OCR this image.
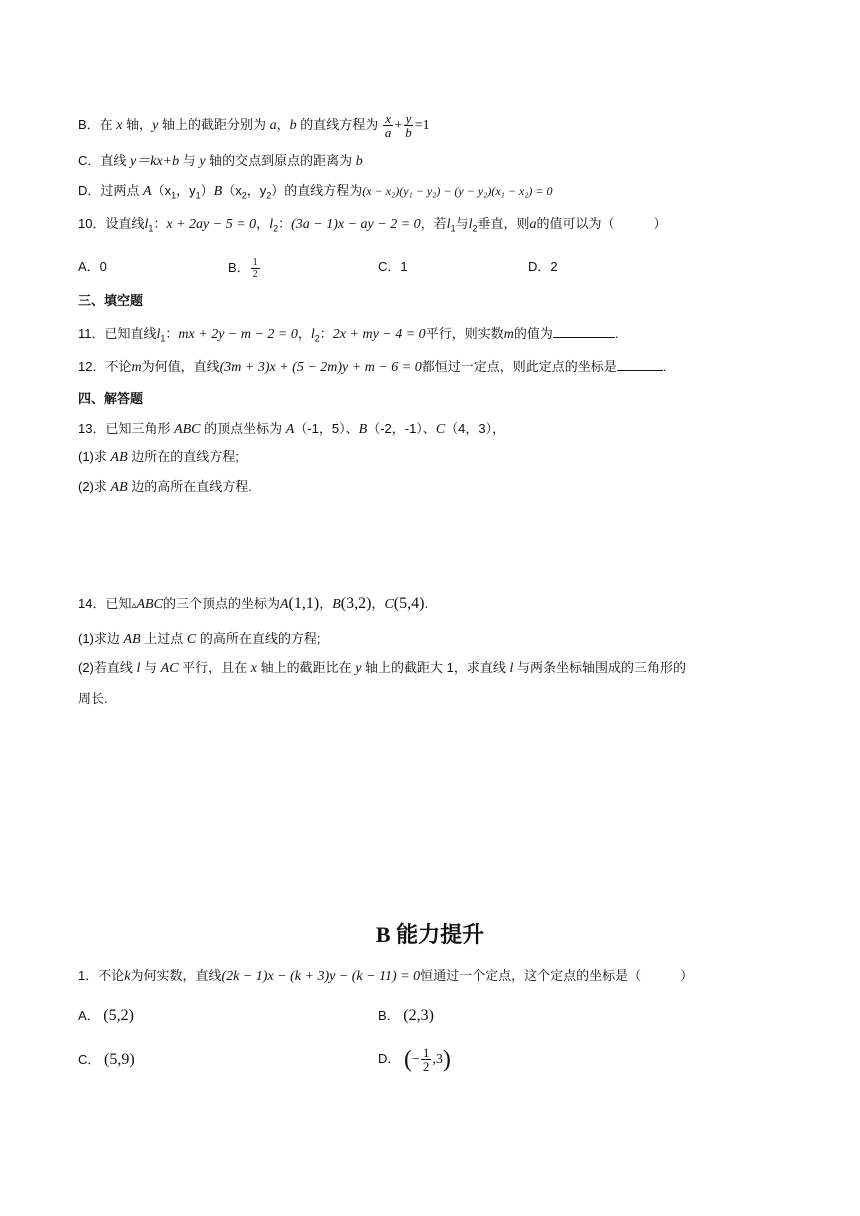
B．在 x 轴，y 轴上的截距分别为 a，b 的直线方程为 $\frac{x}{a} + \frac{y}{b} =1$
C．直线 y＝kx+b 与 y 轴的交点到原点的距离为 b
D．过两点 $A(x_1$，$y_1)B(x_2$，$y_2$）的直线方程为(x − x₂)(y₁ − y₂) − (y − y₂)(x₁ − x₂) = 0
10．设直线$l_1$：x + 2ay − 5 = 0，$l_2$：(3a − 1)x − ay − 2 = 0，若$l_1$与$l_2$垂直，则a的值可以为（　　　）
A．0	B． $\frac{1}{2}$	C．1	D．2
三、填空题
11．已知直线$l_1$：mx + 2y − m − 2 = 0，$l_2$：2x + my − 4 = 0平行，则实数m的值为	.
12．不论m为何值，直线(3m + 3)x + (5 − 2m)y + m − 6 = 0都恒过一定点，则此定点的坐标是	.
四、解答题
13．已知三角形 ABC 的顶点坐标为 A（-1，5）、B（-2，-1）、C（4，3），
(1)求 AB 边所在的直线方程;
(2)求 AB 边的高所在直线方程.
14．已知▵ABC的三个顶点的坐标为A(1,1)，B(3,2)，C(5,4).
(1)求边 AB 上过点 C 的高所在直线的方程;
(2)若直线 l 与 AC 平行，且在 x 轴上的截距比在 y 轴上的截距大 1，求直线 l 与两条坐标轴围成的三角形的
周长.
B 能力提升
1．不论k为何实数，直线(2k − 1)x − (k + 3)y − (k − 11) = 0恒通过一个定点，这个定点的坐标是（　　　）
A． (5,2)	B． (2,3)
C． (5,9)	D． (− $\frac{1}{2} ,3$)
